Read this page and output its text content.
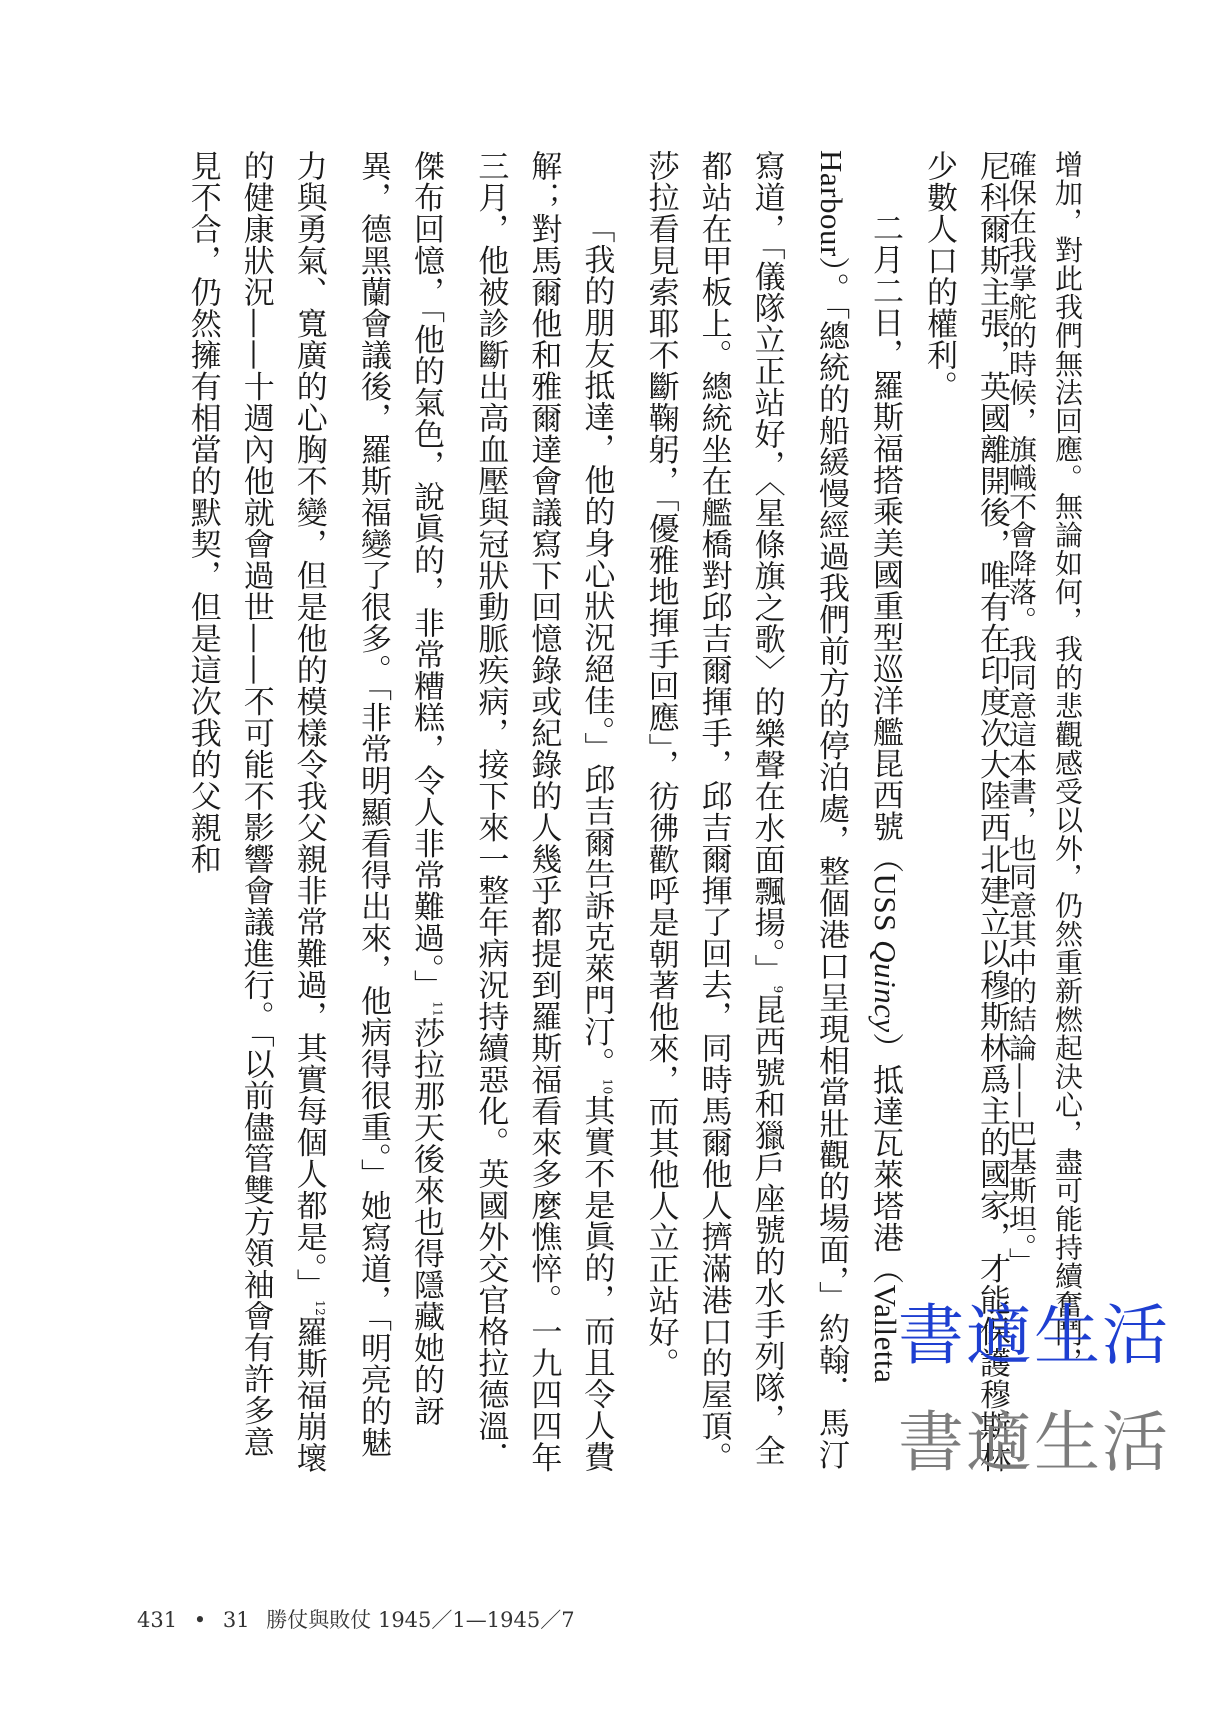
增加，對此我們無法回應。無論如何，我的悲觀感受以外，仍然重新燃起決心，盡可能持續奮鬥，

確保在我掌舵的時候，旗幟不會降落。我同意這本書，也同意其中的結論——巴基斯坦。」

尼科爾斯主張，英國離開後，唯有在印度次大陸西北建立以穆斯林爲主的國家，才能保護穆斯林少數人口的權利。

二月二日，羅斯福搭乘美國重型巡洋艦昆西號（USS Quincy）抵達瓦萊塔港（Valletta Harbour）。「總統的船緩慢經過我們前方的停泊處，整個港口呈現相當壯觀的場面，」約翰．馬汀寫道，「儀隊立正站好，〈星條旗之歌〉的樂聲在水面飄揚。」$^9$昆西號和獵戶座號的水手列隊，全都站在甲板上。總統坐在艦橋對邱吉爾揮手，邱吉爾揮了回去，同時馬爾他人擠滿港口的屋頂。莎拉看見索耶不斷鞠躬，「優雅地揮手回應」，彷彿歡呼是朝著他來，而其他人立正站好。

「我的朋友抵達，他的身心狀況絕佳。」邱吉爾告訴克萊門汀。$^{10}$其實不是眞的，而且令人費解；對馬爾他和雅爾達會議寫下回憶錄或紀錄的人幾乎都提到羅斯福看來多麼憔悴。一九四四年三月，他被診斷出高血壓與冠狀動脈疾病，接下來一整年病況持續惡化。英國外交官格拉德溫．傑布回憶，「他的氣色，說眞的，非常糟糕，令人非常難過。」$^{11}$莎拉那天後來也得隱藏她的訝異，德黑蘭會議後，羅斯福變了很多。「非常明顯看得出來，他病得很重。」她寫道，「明亮的魅力與勇氣、寬廣的心胸不變，但是他的模樣令我父親非常難過，其實每個人都是。」$^{12}$羅斯福崩壞的健康狀況——十週內他就會過世——不可能不影響會議進行。「以前儘管雙方領袖會有許多意見不合，仍然擁有相當的默契，但是這次我的父親和

書適生活
書適生活
431 • 31 勝仗與敗仗 1945／1—1945／7
